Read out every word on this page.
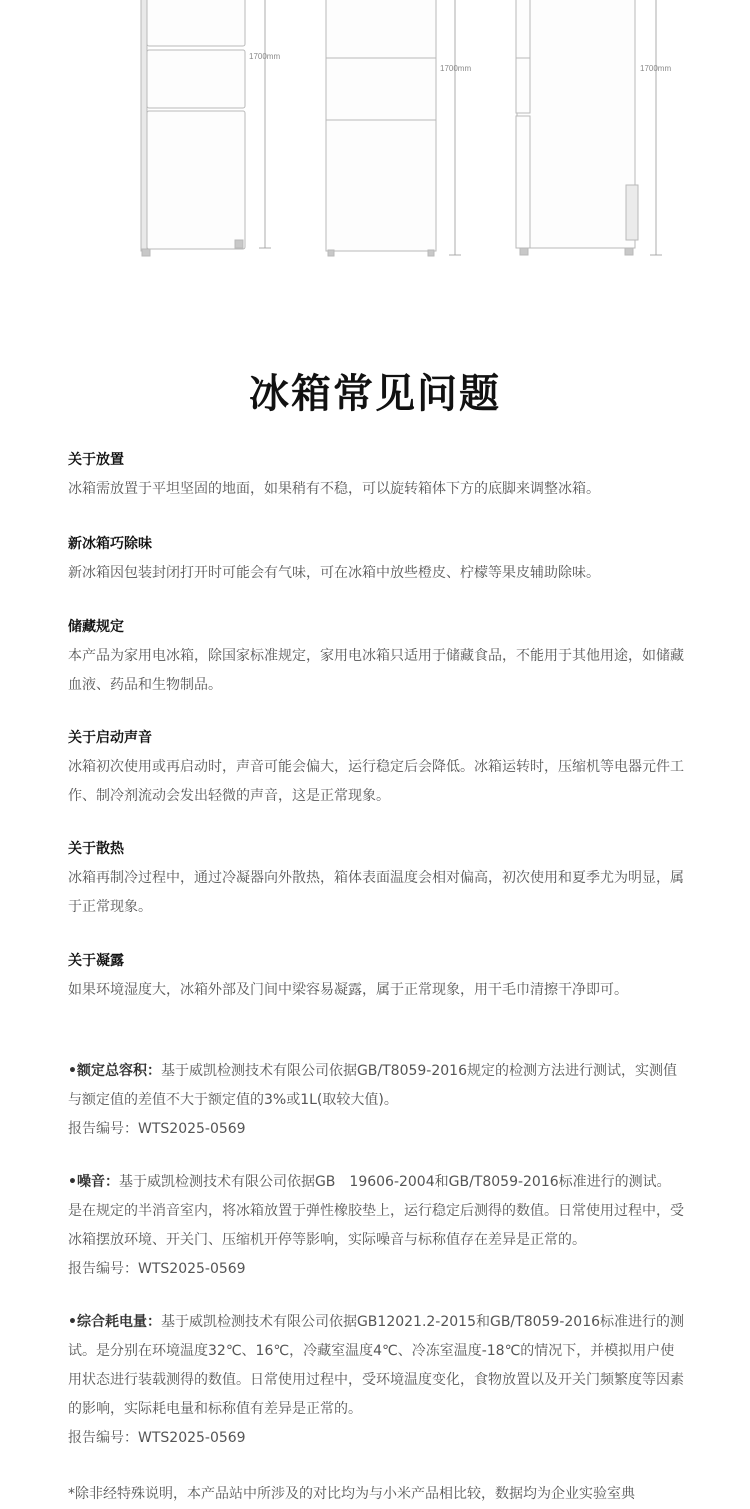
1700mm
1700mm	1700mm
冰箱常见问题
关于放置
冰箱需放置于平坦坚固的地面，如果稍有不稳，可以旋转箱体下方的底脚来调整冰箱。
新冰箱巧除味
新冰箱因包装封闭打开时可能会有气味，可在冰箱中放些橙皮、柠檬等果皮辅助除味。
储藏规定
本产品为家用电冰箱，除国家标准规定，家用电冰箱只适用于储藏食品，不能用于其他用途，如储藏血液、药品和生物制品。
关于启动声音
冰箱初次使用或再启动时，声音可能会偏大，运行稳定后会降低。冰箱运转时，压缩机等电器元件工作、制冷剂流动会发出轻微的声音，这是正常现象。
关于散热
冰箱再制冷过程中，通过冷凝器向外散热，箱体表面温度会相对偏高，初次使用和夏季尤为明显，属于正常现象。
关于凝露
如果环境湿度大，冰箱外部及门间中梁容易凝露，属于正常现象，用干毛巾清擦干净即可。
•额定总容积：基于威凯检测技术有限公司依据GB/T8059-2016规定的检测方法进行测试，实测值与额定值的差值不大于额定值的3%或1L(取较大值)。
报告编号：WTS2025-0569
•噪音：基于威凯检测技术有限公司依据GB　19606-2004和GB/T8059-2016标准进行的测试。是在规定的半消音室内，将冰箱放置于弹性橡胶垫上，运行稳定后测得的数值。日常使用过程中，受冰箱摆放环境、开关门、压缩机开停等影响，实际噪音与标称值存在差异是正常的。
报告编号：WTS2025-0569
•综合耗电量：基于威凯检测技术有限公司依据GB12021.2-2015和GB/T8059-2016标准进行的测试。是分别在环境温度32℃、16℃，冷藏室温度4℃、冷冻室温度-18℃的情况下，并模拟用户使用状态进行装载测得的数值。日常使用过程中，受环境温度变化，食物放置以及开关门频繁度等因素的影响，实际耗电量和标称值有差异是正常的。
报告编号：WTS2025-0569
*除非经特殊说明，本产品站中所涉及的对比均为与小米产品相比较，数据均为企业实验室典
